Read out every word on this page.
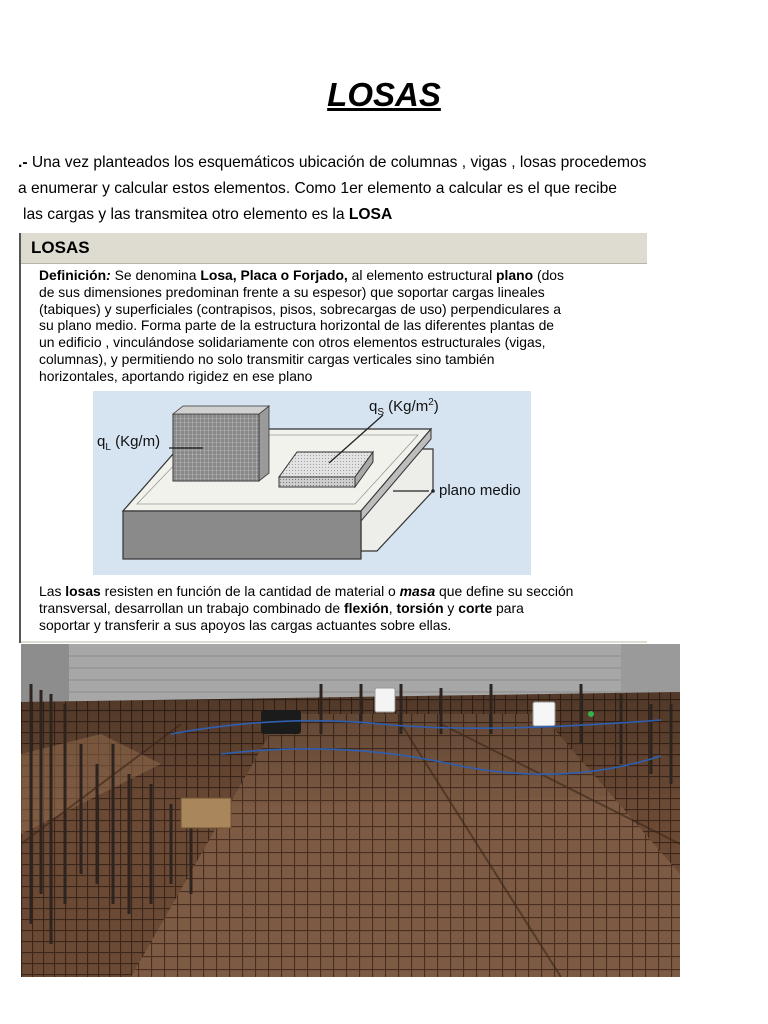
LOSAS
.- Una vez planteados los esquemáticos ubicación de columnas , vigas , losas procedemos
a enumerar y calcular estos elementos. Como 1er elemento a calcular es el que recibe
las cargas y las transmitea otro elemento es la LOSA
LOSAS
Definición: Se denomina Losa, Placa o Forjado, al elemento estructural plano (dos
de sus dimensiones predominan frente a su espesor) que soportar cargas lineales
(tabiques) y superficiales (contrapisos, pisos, sobrecargas de uso) perpendiculares a
su plano medio. Forma parte de la estructura horizontal de las diferentes plantas de
un edificio , vinculándose solidariamente con otros elementos estructurales (vigas,
columnas), y permitiendo no solo transmitir cargas verticales sino también
horizontales, aportando rigidez en ese plano
$q_S$ $(Kg/m^2)$
$q_L$ (Kg/m)
plano medio
Las losas resisten en función de la cantidad de material o masa que define su sección
transversal, desarrollan un trabajo combinado de flexión, torsión y corte para
soportar y transferir a sus apoyos las cargas actuantes sobre ellas.
